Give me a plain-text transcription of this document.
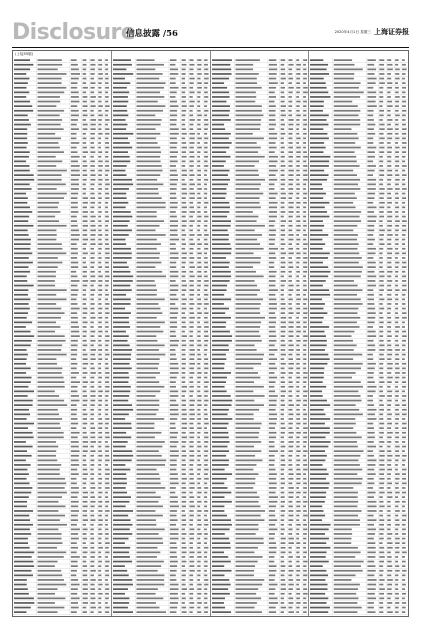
Disclosure
信息披露 /56	2020年4月1日 星期三 上海证券报
(上接55版)
